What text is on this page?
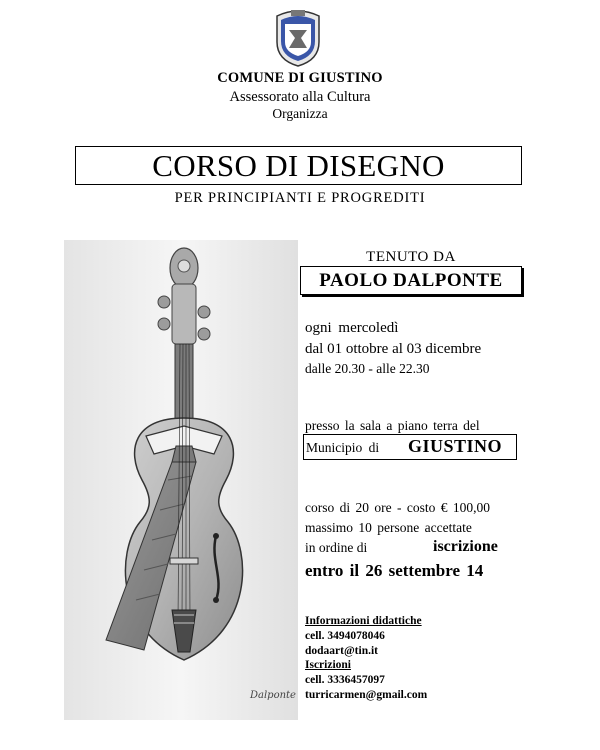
COMUNE DI GIUSTINO
Assessorato alla Cultura
Organizza
CORSO DI DISEGNO
PER PRINCIPIANTI E PROGREDITI
Dalponte
TENUTO DA
PAOLO DALPONTE
ogni mercoledì
dal 01 ottobre al 03 dicembre
dalle 20.30 - alle 22.30
presso la sala a piano terra del
Municipio di GIUSTINO
corso di 20 ore - costo € 100,00
massimo 10 persone accettate
in ordine di	iscrizione
entro il 26 settembre 14
Informazioni didattiche
cell. 3494078046
dodaart@tin.it
Iscrizioni
cell. 3336457097
turricarmen@gmail.com
